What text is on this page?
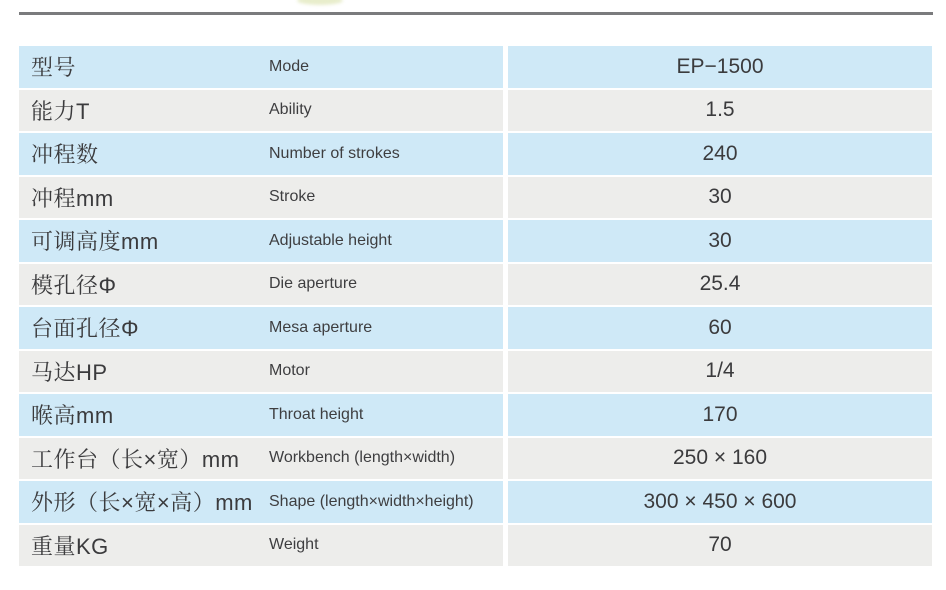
型号	Mode	EP−1500
能力T	Ability	1.5
冲程数	Number of strokes	240
冲程mm	Stroke	30
可调高度mm	Adjustable height	30
模孔径Φ	Die aperture	25.4
台面孔径Φ	Mesa aperture	60
马达HP	Motor	1/4
喉高mm	Throat height	170
工作台（长×宽）mm Workbench (length×width)	250 × 160
外形（长×宽×高）mm Shape (length×width×height)	300 × 450 × 600
重量KG	Weight	70
